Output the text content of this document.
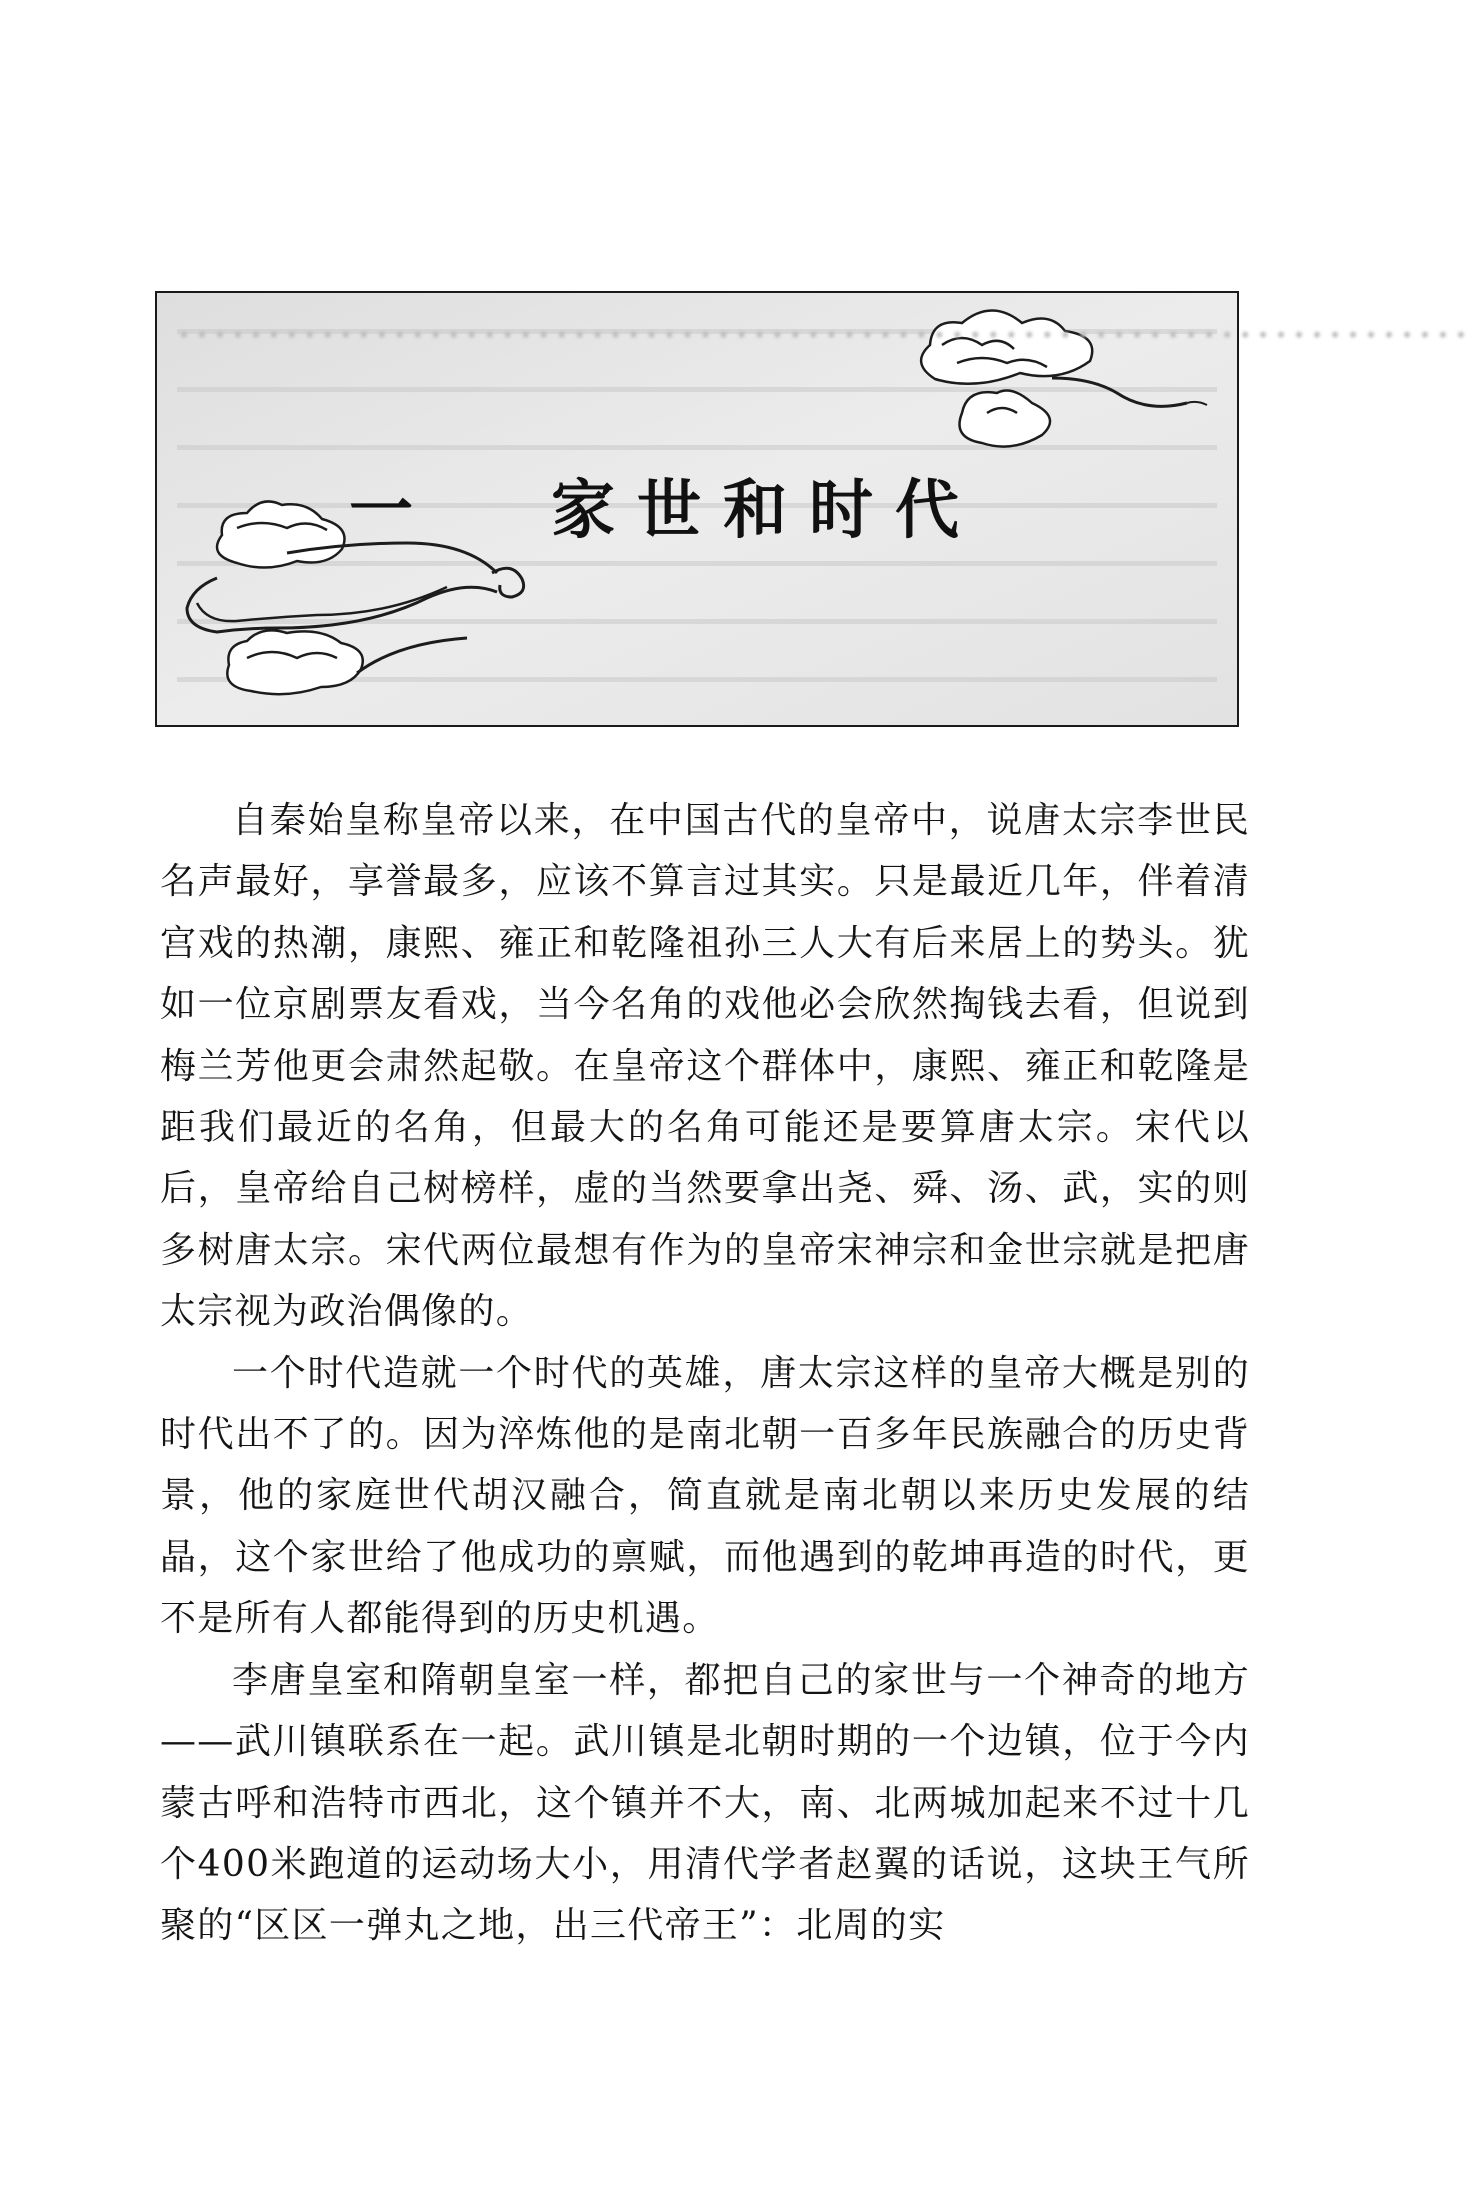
········································································
一 家世和时代

自秦始皇称皇帝以来，在中国古代的皇帝中，说唐太宗李世民名声最好，享誉最多，应该不算言过其实。只是最近几年，伴着清宫戏的热潮，康熙、雍正和乾隆祖孙三人大有后来居上的势头。犹如一位京剧票友看戏，当今名角的戏他必会欣然掏钱去看，但说到梅兰芳他更会肃然起敬。在皇帝这个群体中，康熙、雍正和乾隆是距我们最近的名角，但最大的名角可能还是要算唐太宗。宋代以后，皇帝给自己树榜样，虚的当然要拿出尧、舜、汤、武，实的则多树唐太宗。宋代两位最想有作为的皇帝宋神宗和金世宗就是把唐太宗视为政治偶像的。

一个时代造就一个时代的英雄，唐太宗这样的皇帝大概是别的时代出不了的。因为淬炼他的是南北朝一百多年民族融合的历史背景，他的家庭世代胡汉融合，简直就是南北朝以来历史发展的结晶，这个家世给了他成功的禀赋，而他遇到的乾坤再造的时代，更不是所有人都能得到的历史机遇。

李唐皇室和隋朝皇室一样，都把自己的家世与一个神奇的地方——武川镇联系在一起。武川镇是北朝时期的一个边镇，位于今内蒙古呼和浩特市西北，这个镇并不大，南、北两城加起来不过十几个400米跑道的运动场大小，用清代学者赵翼的话说，这块王气所聚的“区区一弹丸之地，出三代帝王”：北周的实
